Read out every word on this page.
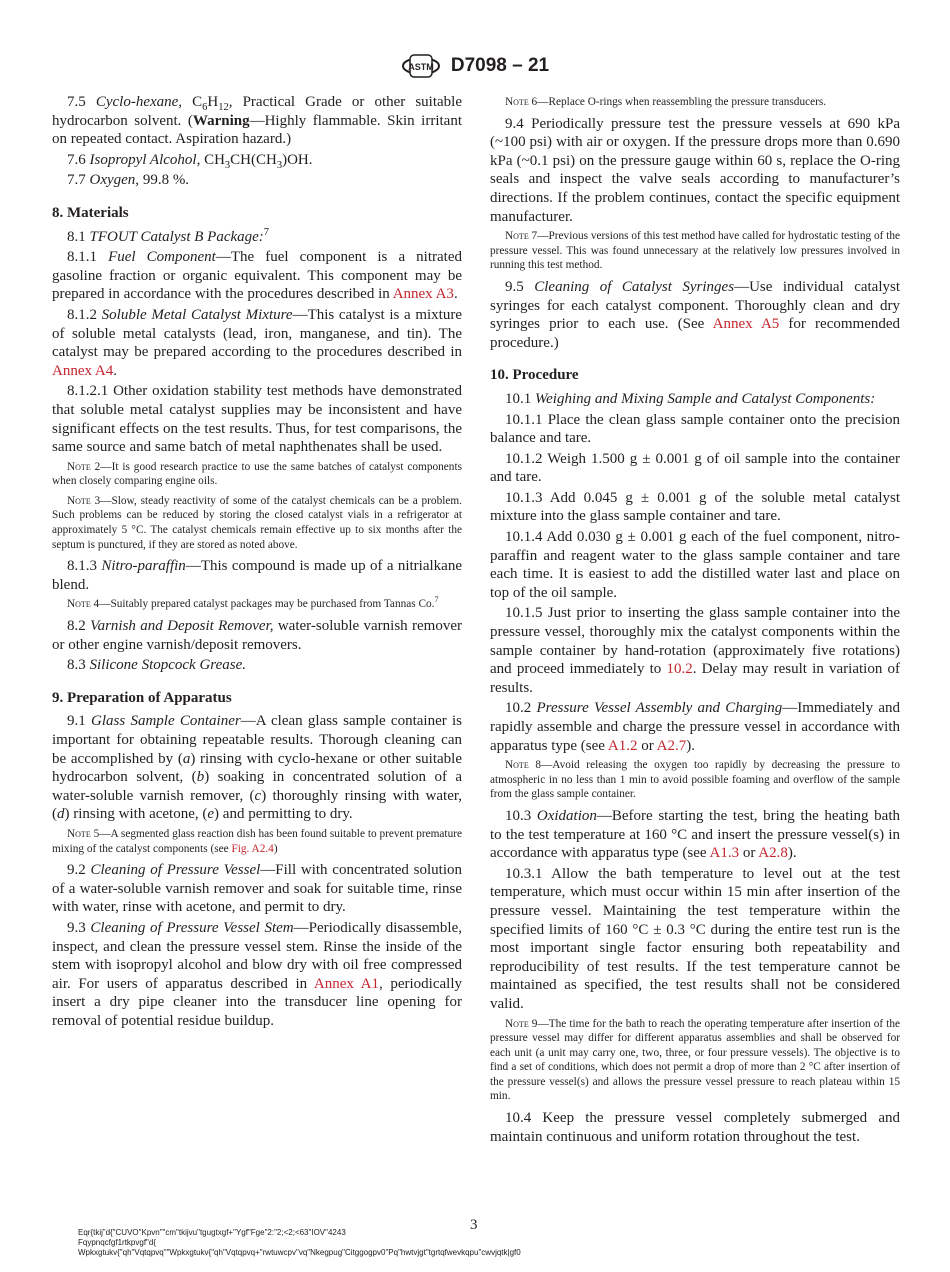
ASTM D7098 – 21
7.5 Cyclo-hexane, $C_6H_{12}$, Practical Grade or other suitable hydrocarbon solvent. (Warning—Highly flammable. Skin irritant on repeated contact. Aspiration hazard.)
7.6 Isopropyl Alcohol, $CH_3CH(CH_3)OH$.
7.7 Oxygen, 99.8 %.
8. Materials
8.1 TFOUT Catalyst B Package:$^7$
8.1.1 Fuel Component—The fuel component is a nitrated gasoline fraction or organic equivalent. This component may be prepared in accordance with the procedures described in Annex A3.
8.1.2 Soluble Metal Catalyst Mixture—This catalyst is a mixture of soluble metal catalysts (lead, iron, manganese, and tin). The catalyst may be prepared according to the procedures described in Annex A4.
8.1.2.1 Other oxidation stability test methods have demonstrated that soluble metal catalyst supplies may be inconsistent and have significant effects on the test results. Thus, for test comparisons, the same source and same batch of metal naphthenates shall be used.
Note 2—It is good research practice to use the same batches of catalyst components when closely comparing engine oils.
Note 3—Slow, steady reactivity of some of the catalyst chemicals can be a problem. Such problems can be reduced by storing the closed catalyst vials in a refrigerator at approximately 5 °C. The catalyst chemicals remain effective up to six months after the septum is punctured, if they are stored as noted above.
8.1.3 Nitro-paraffin—This compound is made up of a nitrialkane blend.
Note 4—Suitably prepared catalyst packages may be purchased from Tannas Co.$^7$
8.2 Varnish and Deposit Remover, water-soluble varnish remover or other engine varnish/deposit removers.
8.3 Silicone Stopcock Grease.
9. Preparation of Apparatus
9.1 Glass Sample Container—A clean glass sample container is important for obtaining repeatable results. Thorough cleaning can be accomplished by (a) rinsing with cyclo-hexane or other suitable hydrocarbon solvent, (b) soaking in concentrated solution of a water-soluble varnish remover, (c) thoroughly rinsing with water, (d) rinsing with acetone, (e) and permitting to dry.
Note 5—A segmented glass reaction dish has been found suitable to prevent premature mixing of the catalyst components (see Fig. A2.4)
9.2 Cleaning of Pressure Vessel—Fill with concentrated solution of a water-soluble varnish remover and soak for suitable time, rinse with water, rinse with acetone, and permit to dry.
9.3 Cleaning of Pressure Vessel Stem—Periodically disassemble, inspect, and clean the pressure vessel stem. Rinse the inside of the stem with isopropyl alcohol and blow dry with oil free compressed air. For users of apparatus described in Annex A1, periodically insert a dry pipe cleaner into the transducer line opening for removal of potential residue buildup.
Note 6—Replace O-rings when reassembling the pressure transducers.
9.4 Periodically pressure test the pressure vessels at 690 kPa (~100 psi) with air or oxygen. If the pressure drops more than 0.690 kPa (~0.1 psi) on the pressure gauge within 60 s, replace the O-ring seals and inspect the valve seals according to manufacturer’s directions. If the problem continues, contact the specific equipment manufacturer.
Note 7—Previous versions of this test method have called for hydrostatic testing of the pressure vessel. This was found unnecessary at the relatively low pressures involved in running this test method.
9.5 Cleaning of Catalyst Syringes—Use individual catalyst syringes for each catalyst component. Thoroughly clean and dry syringes prior to each use. (See Annex A5 for recommended procedure.)
10. Procedure
10.1 Weighing and Mixing Sample and Catalyst Components:
10.1.1 Place the clean glass sample container onto the precision balance and tare.
10.1.2 Weigh 1.500 g ± 0.001 g of oil sample into the container and tare.
10.1.3 Add 0.045 g ± 0.001 g of the soluble metal catalyst mixture into the glass sample container and tare.
10.1.4 Add 0.030 g ± 0.001 g each of the fuel component, nitro-paraffin and reagent water to the glass sample container and tare each time. It is easiest to add the distilled water last and place on top of the oil sample.
10.1.5 Just prior to inserting the glass sample container into the pressure vessel, thoroughly mix the catalyst components within the sample container by hand-rotation (approximately five rotations) and proceed immediately to 10.2. Delay may result in variation of results.
10.2 Pressure Vessel Assembly and Charging—Immediately and rapidly assemble and charge the pressure vessel in accordance with apparatus type (see A1.2 or A2.7).
Note 8—Avoid releasing the oxygen too rapidly by decreasing the pressure to atmospheric in no less than 1 min to avoid possible foaming and overflow of the sample from the glass sample container.
10.3 Oxidation—Before starting the test, bring the heating bath to the test temperature at 160 °C and insert the pressure vessel(s) in accordance with apparatus type (see A1.3 or A2.8).
10.3.1 Allow the bath temperature to level out at the test temperature, which must occur within 15 min after insertion of the pressure vessel. Maintaining the test temperature within the specified limits of 160 °C ± 0.3 °C during the entire test run is the most important single factor ensuring both repeatability and reproducibility of test results. If the test temperature cannot be maintained as specified, the test results shall not be considered valid.
Note 9—The time for the bath to reach the operating temperature after insertion of the pressure vessel may differ for different apparatus assemblies and shall be observed for each unit (a unit may carry one, two, three, or four pressure vessels). The objective is to find a set of conditions, which does not permit a drop of more than 2 °C after insertion of the pressure vessel(s) and allows the pressure vessel pressure to reach plateau within 15 min.
10.4 Keep the pressure vessel completely submerged and maintain continuous and uniform rotation throughout the test.
3
Eqr{tkij”d{"CUVO"Kpvn""cm"tkijvu"tgugtxgf+"Ygf"Fge"2:"2;<2;<63"IOV"4243
Fqypnqcfgf1rtkpvgf"d{
Wpkxgtukv{"qh"Vqtqpvq""Wpkxgtukv{"qh"Vqtqpvq+"rwtuwcpv"vq"Nkegpug"Citggogpv0"Pq"hwtvjgt"tgrtqfwevkqpu"cwvjqtk|gf0
